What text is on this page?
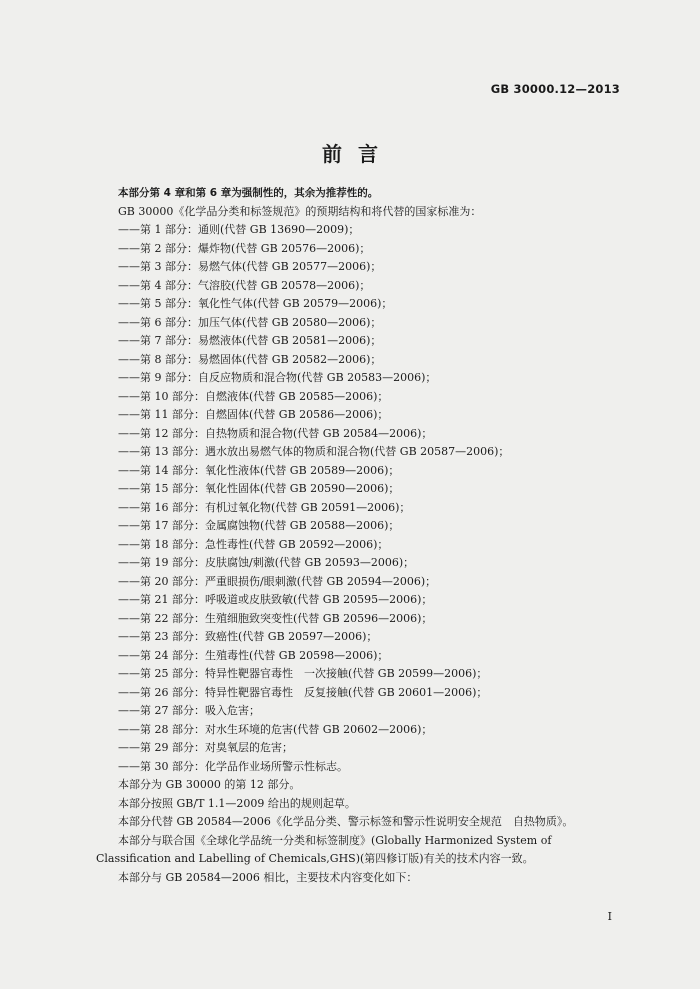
GB 30000.12—2013
前言
本部分第 4 章和第 6 章为强制性的，其余为推荐性的。
GB 30000《化学品分类和标签规范》的预期结构和将代替的国家标准为：
——第 1 部分：通则(代替 GB 13690—2009)；
——第 2 部分：爆炸物(代替 GB 20576—2006)；
——第 3 部分：易燃气体(代替 GB 20577—2006)；
——第 4 部分：气溶胶(代替 GB 20578—2006)；
——第 5 部分：氧化性气体(代替 GB 20579—2006)；
——第 6 部分：加压气体(代替 GB 20580—2006)；
——第 7 部分：易燃液体(代替 GB 20581—2006)；
——第 8 部分：易燃固体(代替 GB 20582—2006)；
——第 9 部分：自反应物质和混合物(代替 GB 20583—2006)；
——第 10 部分：自燃液体(代替 GB 20585—2006)；
——第 11 部分：自燃固体(代替 GB 20586—2006)；
——第 12 部分：自热物质和混合物(代替 GB 20584—2006)；
——第 13 部分：遇水放出易燃气体的物质和混合物(代替 GB 20587—2006)；
——第 14 部分：氧化性液体(代替 GB 20589—2006)；
——第 15 部分：氧化性固体(代替 GB 20590—2006)；
——第 16 部分：有机过氧化物(代替 GB 20591—2006)；
——第 17 部分：金属腐蚀物(代替 GB 20588—2006)；
——第 18 部分：急性毒性(代替 GB 20592—2006)；
——第 19 部分：皮肤腐蚀/刺激(代替 GB 20593—2006)；
——第 20 部分：严重眼损伤/眼刺激(代替 GB 20594—2006)；
——第 21 部分：呼吸道或皮肤致敏(代替 GB 20595—2006)；
——第 22 部分：生殖细胞致突变性(代替 GB 20596—2006)；
——第 23 部分：致癌性(代替 GB 20597—2006)；
——第 24 部分：生殖毒性(代替 GB 20598—2006)；
——第 25 部分：特异性靶器官毒性　一次接触(代替 GB 20599—2006)；
——第 26 部分：特异性靶器官毒性　反复接触(代替 GB 20601—2006)；
——第 27 部分：吸入危害；
——第 28 部分：对水生环境的危害(代替 GB 20602—2006)；
——第 29 部分：对臭氧层的危害；
——第 30 部分：化学品作业场所警示性标志。
本部分为 GB 30000 的第 12 部分。
本部分按照 GB/T 1.1—2009 给出的规则起草。
本部分代替 GB 20584—2006《化学品分类、警示标签和警示性说明安全规范　自热物质》。
本部分与联合国《全球化学品统一分类和标签制度》(Globally Harmonized System of
Classification and Labelling of Chemicals,GHS)(第四修订版)有关的技术内容一致。
本部分与 GB 20584—2006 相比，主要技术内容变化如下：
I
